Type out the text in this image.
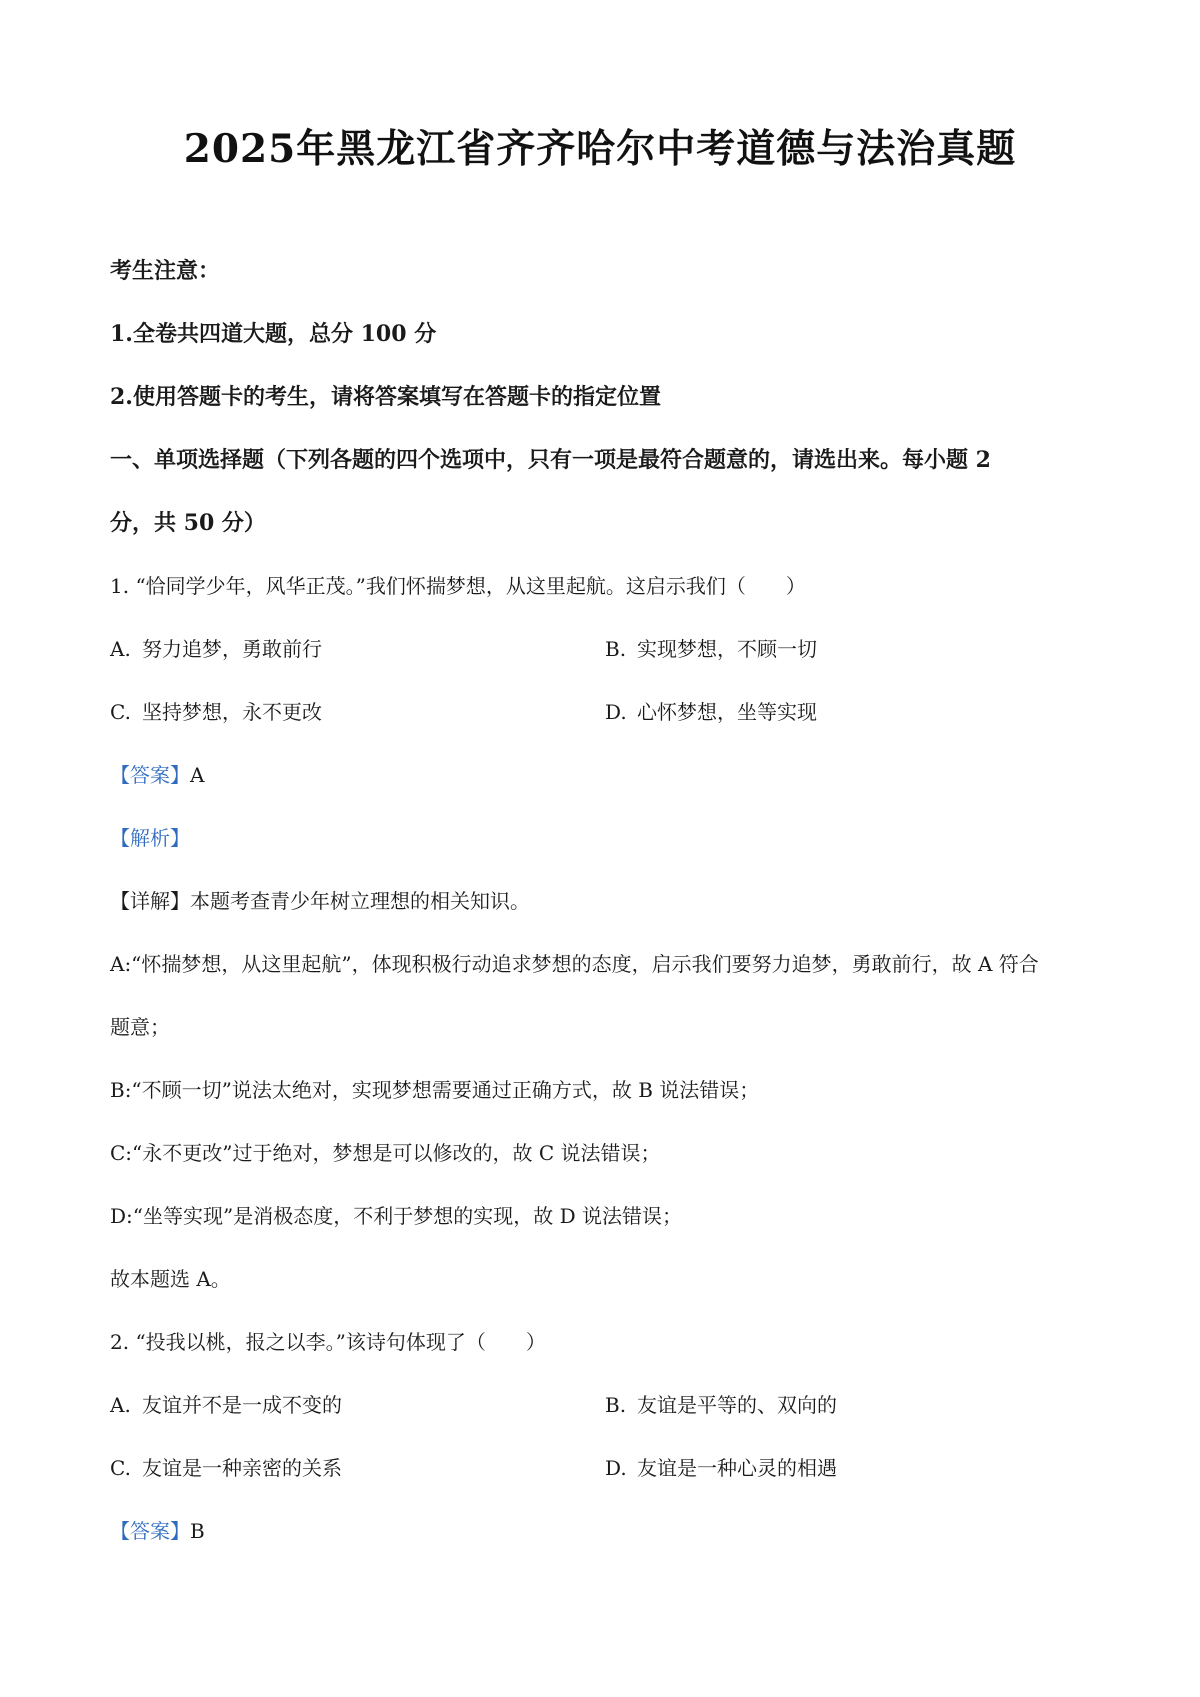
2025年黑龙江省齐齐哈尔中考道德与法治真题
考生注意：
1.全卷共四道大题，总分 100 分
2.使用答题卡的考生，请将答案填写在答题卡的指定位置
一、单项选择题（下列各题的四个选项中，只有一项是最符合题意的，请选出来。每小题 2
分，共 50 分）
1. “恰同学少年，风华正茂。”我们怀揣梦想，从这里起航。这启示我们（　　）
A. 努力追梦，勇敢前行	B. 实现梦想，不顾一切
C. 坚持梦想，永不更改	D. 心怀梦想，坐等实现
【答案】A
【解析】
【详解】本题考查青少年树立理想的相关知识。
A:“怀揣梦想，从这里起航”，体现积极行动追求梦想的态度，启示我们要努力追梦，勇敢前行，故 A 符合
题意；
B:“不顾一切”说法太绝对，实现梦想需要通过正确方式，故 B 说法错误；
C:“永不更改”过于绝对，梦想是可以修改的，故 C 说法错误；
D:“坐等实现”是消极态度，不利于梦想的实现，故 D 说法错误；
故本题选 A。
2. “投我以桃，报之以李。”该诗句体现了（　　）
A. 友谊并不是一成不变的	B. 友谊是平等的、双向的
C. 友谊是一种亲密的关系	D. 友谊是一种心灵的相遇
【答案】B
